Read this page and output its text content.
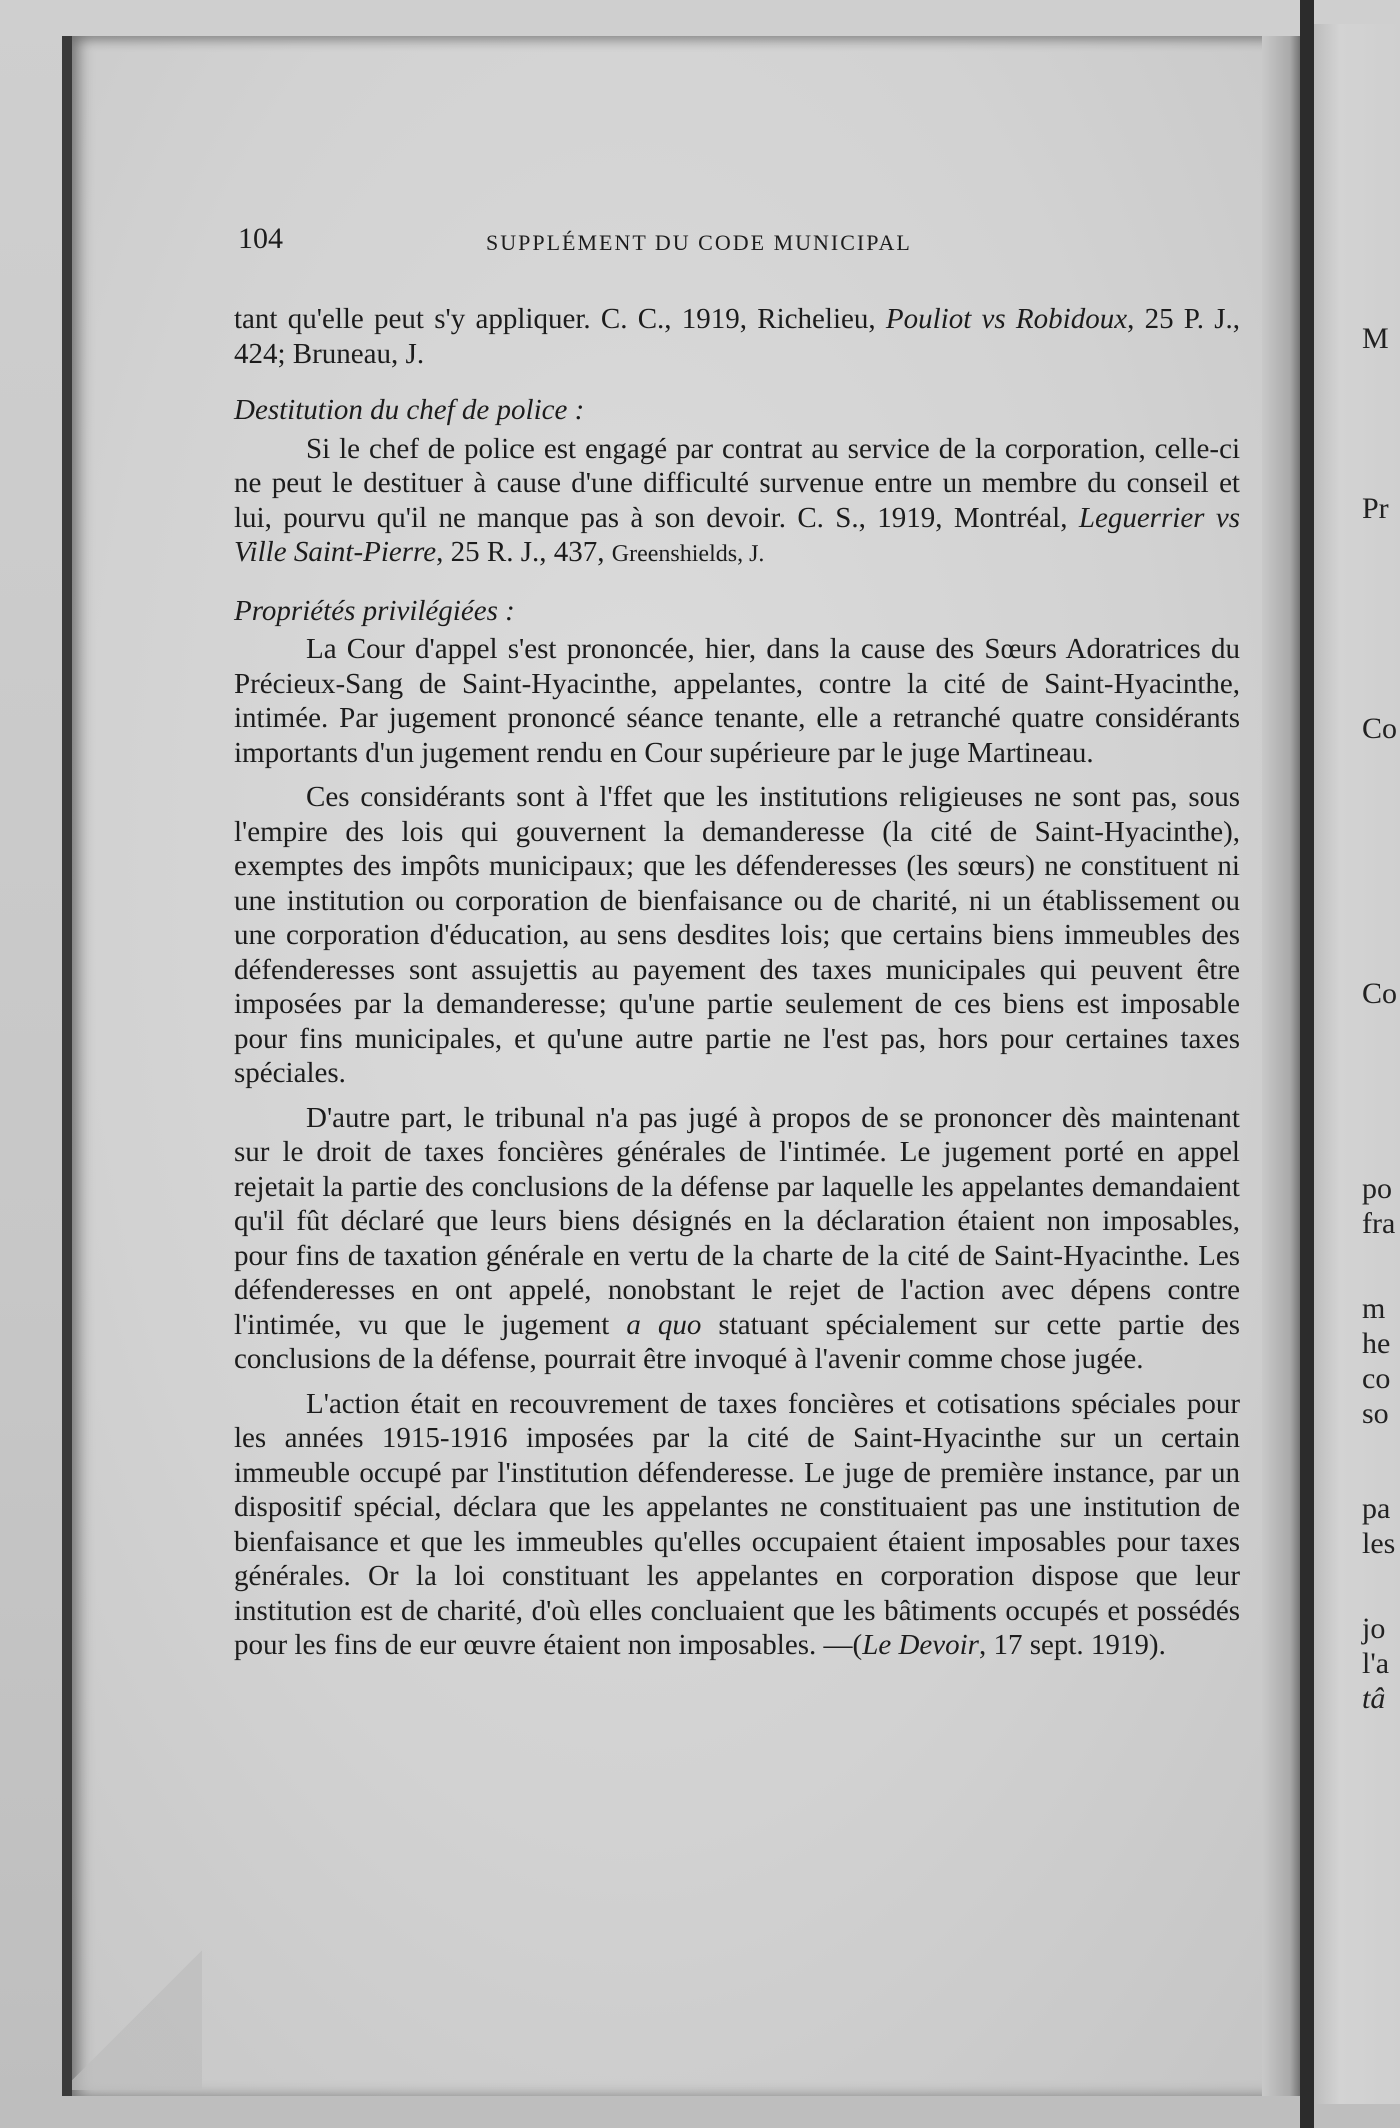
M
Pr
Co
Co
po
fra
m
he
co
so
pa
les
jo
l'a
tâ
104	SUPPLÉMENT DU CODE MUNICIPAL

tant qu'elle peut s'y appliquer. C. C., 1919, Richelieu, Pouliot vs Robidoux, 25 P. J., 424; Bruneau, J.

Destitution du chef de police :

Si le chef de police est engagé par contrat au service de la corporation, celle-ci ne peut le destituer à cause d'une difficulté survenue entre un membre du conseil et lui, pourvu qu'il ne manque pas à son devoir. C. S., 1919, Montréal, Leguerrier vs Ville Saint-Pierre, 25 R. J., 437, Greenshields, J.

Propriétés privilégiées :

La Cour d'appel s'est prononcée, hier, dans la cause des Sœurs Adoratrices du Précieux-Sang de Saint-Hyacinthe, appelantes, contre la cité de Saint-Hyacinthe, intimée. Par jugement prononcé séance tenante, elle a retranché quatre considérants importants d'un jugement rendu en Cour supérieure par le juge Martineau.

Ces considérants sont à l'ffet que les institutions religieuses ne sont pas, sous l'empire des lois qui gouvernent la demanderesse (la cité de Saint-Hyacinthe), exemptes des impôts municipaux; que les défenderesses (les sœurs) ne constituent ni une institution ou corporation de bienfaisance ou de charité, ni un établissement ou une corporation d'éducation, au sens desdites lois; que certains biens immeubles des défenderesses sont assujettis au payement des taxes municipales qui peuvent être imposées par la demanderesse; qu'une partie seulement de ces biens est imposable pour fins municipales, et qu'une autre partie ne l'est pas, hors pour certaines taxes spéciales.

D'autre part, le tribunal n'a pas jugé à propos de se prononcer dès maintenant sur le droit de taxes foncières générales de l'intimée. Le jugement porté en appel rejetait la partie des conclusions de la défense par laquelle les appelantes demandaient qu'il fût déclaré que leurs biens désignés en la déclaration étaient non imposables, pour fins de taxation générale en vertu de la charte de la cité de Saint-Hyacinthe. Les défenderesses en ont appelé, nonobstant le rejet de l'action avec dépens contre l'intimée, vu que le jugement a quo statuant spécialement sur cette partie des conclusions de la défense, pourrait être invoqué à l'avenir comme chose jugée.

L'action était en recouvrement de taxes foncières et cotisations spéciales pour les années 1915-1916 imposées par la cité de Saint-Hyacinthe sur un certain immeuble occupé par l'institution défenderesse. Le juge de première instance, par un dispositif spécial, déclara que les appelantes ne constituaient pas une institution de bienfaisance et que les immeubles qu'elles occupaient étaient imposables pour taxes générales. Or la loi constituant les appelantes en corporation dispose que leur institution est de charité, d'où elles concluaient que les bâtiments occupés et possédés pour les fins de eur œuvre étaient non imposables. —(Le Devoir, 17 sept. 1919).
